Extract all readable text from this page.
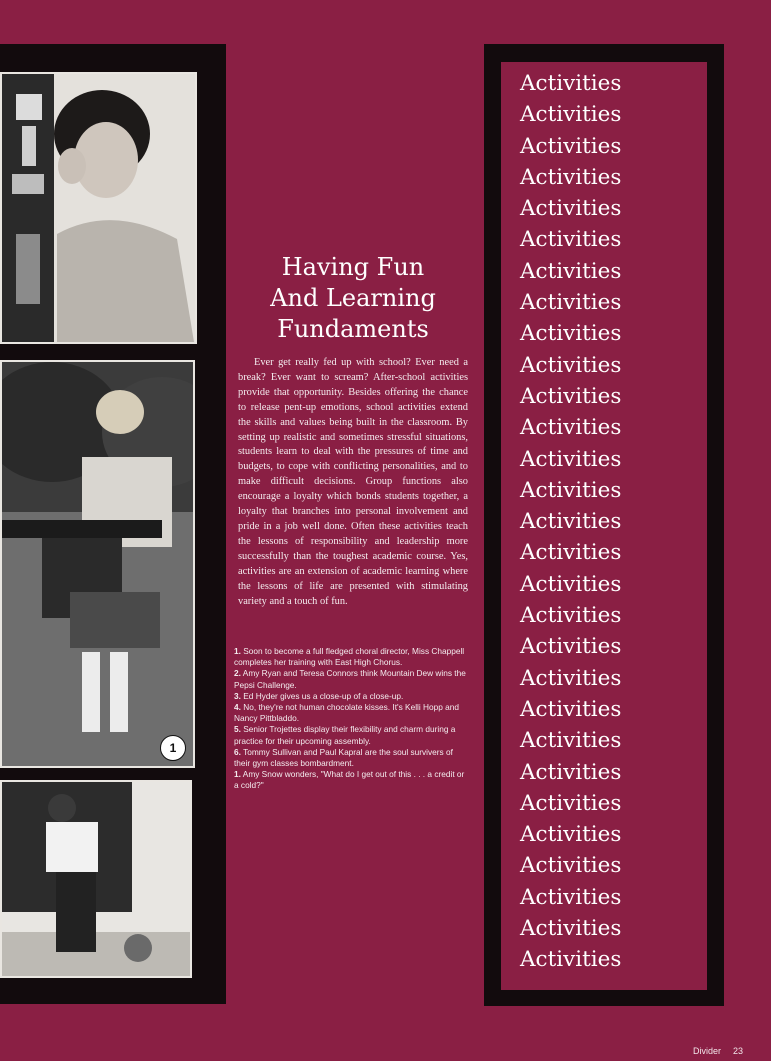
1
Having Fun
And Learning
Fundaments
Ever get really fed up with school? Ever need a break? Ever want to scream? After-school activities provide that opportunity. Besides offering the chance to release pent-up emotions, school activities extend the skills and values being built in the classroom. By setting up realistic and sometimes stressful situations, students learn to deal with the pressures of time and budgets, to cope with conflicting personalities, and to make difficult decisions. Group functions also encourage a loyalty which bonds students together, a loyalty that branches into personal involvement and pride in a job well done. Often these activities teach the lessons of responsibility and leadership more successfully than the toughest academic course. Yes, activities are an extension of academic learning where the lessons of life are presented with stimulating variety and a touch of fun.

1. Soon to become a full fledged choral director, Miss Chappell completes her training with East High Chorus.

2. Amy Ryan and Teresa Connors think Mountain Dew wins the Pepsi Challenge.

3. Ed Hyder gives us a close-up of a close-up.

4. No, they're not human chocolate kisses. It's Kelli Hopp and Nancy Pittbladdo.

5. Senior Trojettes display their flexibility and charm during a practice for their upcoming assembly.

6. Tommy Sullivan and Paul Kapral are the soul survivers of their gym classes bombardment.

1. Amy Snow wonders, "What do I get out of this . . . a credit or a cold?"

Activities
Activities
Activities
Activities
Activities
Activities
Activities
Activities
Activities
Activities
Activities
Activities
Activities
Activities
Activities
Activities
Activities
Activities
Activities
Activities
Activities
Activities
Activities
Activities
Activities
Activities
Activities
Activities
Activities
Divider 23
